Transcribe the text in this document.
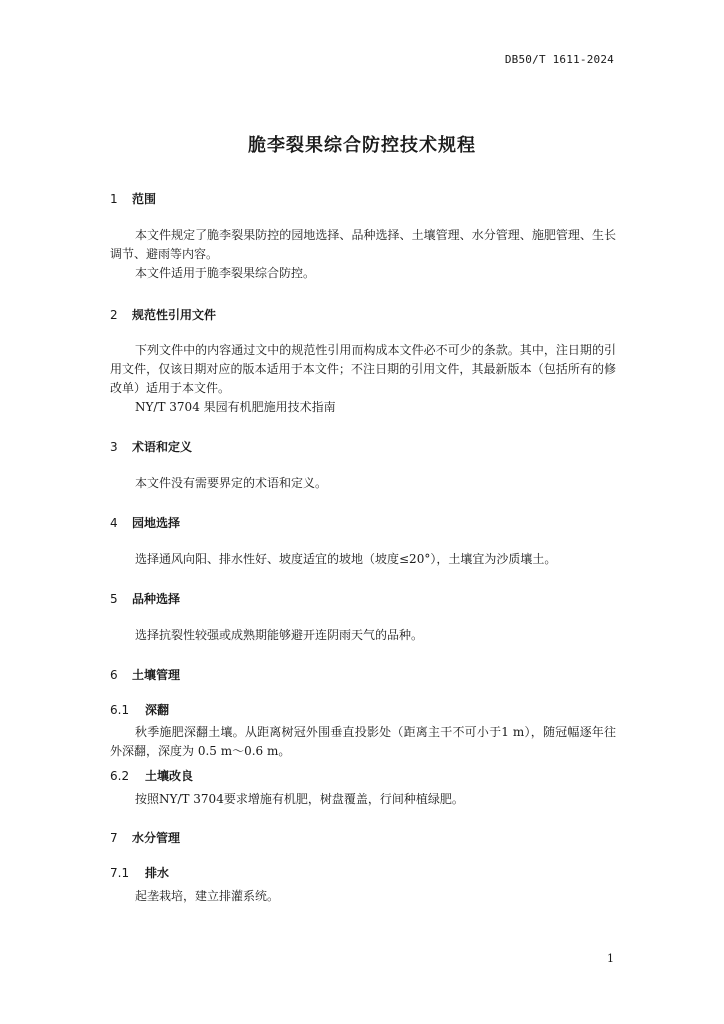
DB50/T 1611-2024
脆李裂果综合防控技术规程
1 范围

本文件规定了脆李裂果防控的园地选择、品种选择、土壤管理、水分管理、施肥管理、生长调节、避雨等内容。

本文件适用于脆李裂果综合防控。

2 规范性引用文件

下列文件中的内容通过文中的规范性引用而构成本文件必不可少的条款。其中，注日期的引用文件，仅该日期对应的版本适用于本文件；不注日期的引用文件，其最新版本（包括所有的修改单）适用于本文件。

NY/T 3704 果园有机肥施用技术指南

3 术语和定义

本文件没有需要界定的术语和定义。

4 园地选择

选择通风向阳、排水性好、坡度适宜的坡地（坡度≤20°），土壤宜为沙质壤土。

5 品种选择

选择抗裂性较强或成熟期能够避开连阴雨天气的品种。

6 土壤管理
6.1 深翻

秋季施肥深翻土壤。从距离树冠外围垂直投影处（距离主干不可小于1 m），随冠幅逐年往外深翻，深度为 0.5 m～0.6 m。

6.2 土壤改良

按照NY/T 3704要求增施有机肥，树盘覆盖，行间种植绿肥。

7 水分管理
7.1 排水

起垄栽培，建立排灌系统。

1
